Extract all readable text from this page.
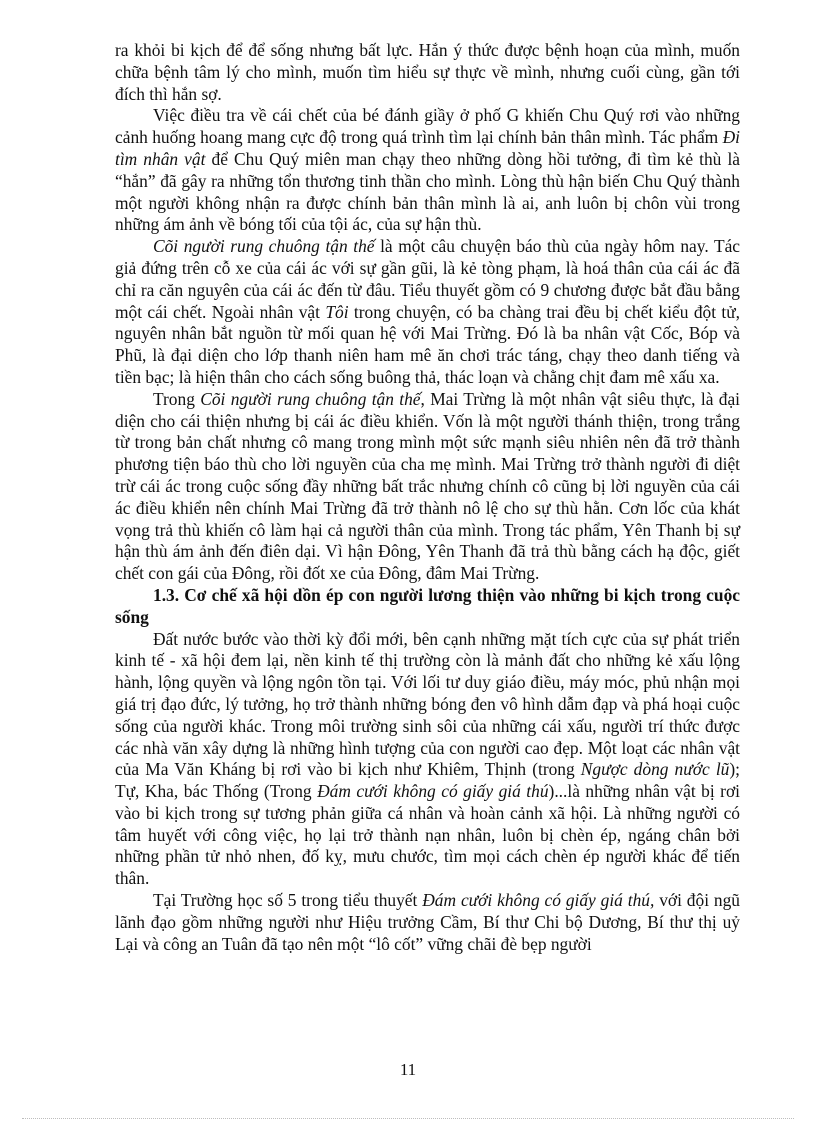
ra khỏi bi kịch để để sống nhưng bất lực. Hắn ý thức được bệnh hoạn của mình, muốn chữa bệnh tâm lý cho mình, muốn tìm hiểu sự thực về mình, nhưng cuối cùng, gần tới đích thì hắn sợ.

Việc điều tra về cái chết của bé đánh giầy ở phố G khiến Chu Quý rơi vào những cảnh huống hoang mang cực độ trong quá trình tìm lại chính bản thân mình. Tác phẩm Đi tìm nhân vật để Chu Quý miên man chạy theo những dòng hồi tưởng, đi tìm kẻ thù là “hắn” đã gây ra những tổn thương tinh thần cho mình. Lòng thù hận biến Chu Quý thành một người không nhận ra được chính bản thân mình là ai, anh luôn bị chôn vùi trong những ám ảnh về bóng tối của tội ác, của sự hận thù.

Cõi người rung chuông tận thế là một câu chuyện báo thù của ngày hôm nay. Tác giả đứng trên cỗ xe của cái ác với sự gần gũi, là kẻ tòng phạm, là hoá thân của cái ác đã chỉ ra căn nguyên của cái ác đến từ đâu. Tiểu thuyết gồm có 9 chương được bắt đầu bằng một cái chết. Ngoài nhân vật Tôi trong chuyện, có ba chàng trai đều bị chết kiểu đột tử, nguyên nhân bắt nguồn từ mối quan hệ với Mai Trừng. Đó là ba nhân vật Cốc, Bóp và Phũ, là đại diện cho lớp thanh niên ham mê ăn chơi trác táng, chạy theo danh tiếng và tiền bạc; là hiện thân cho cách sống buông thả, thác loạn và chằng chịt đam mê xấu xa.

Trong Cõi người rung chuông tận thế, Mai Trừng là một nhân vật siêu thực, là đại diện cho cái thiện nhưng bị cái ác điều khiển. Vốn là một người thánh thiện, trong trắng từ trong bản chất nhưng cô mang trong mình một sức mạnh siêu nhiên nên đã trở thành phương tiện báo thù cho lời nguyền của cha mẹ mình. Mai Trừng trở thành người đi diệt trừ cái ác trong cuộc sống đầy những bất trắc nhưng chính cô cũng bị lời nguyền của cái ác điều khiển nên chính Mai Trừng đã trở thành nô lệ cho sự thù hằn. Cơn lốc của khát vọng trả thù khiến cô làm hại cả người thân của mình. Trong tác phẩm, Yên Thanh bị sự hận thù ám ảnh đến điên dại. Vì hận Đông, Yên Thanh đã trả thù bằng cách hạ độc, giết chết con gái của Đông, rồi đốt xe của Đông, đâm Mai Trừng.

1.3. Cơ chế xã hội dồn ép con người lương thiện vào những bi kịch trong cuộc sống

Đất nước bước vào thời kỳ đổi mới, bên cạnh những mặt tích cực của sự phát triển kinh tế - xã hội đem lại, nền kinh tế thị trường còn là mảnh đất cho những kẻ xấu lộng hành, lộng quyền và lộng ngôn tồn tại. Với lối tư duy giáo điều, máy móc, phủ nhận mọi giá trị đạo đức, lý tưởng, họ trở thành những bóng đen vô hình dẫm đạp và phá hoại cuộc sống của người khác. Trong môi trường sinh sôi của những cái xấu, người trí thức được các nhà văn xây dựng là những hình tượng của con người cao đẹp. Một loạt các nhân vật của Ma Văn Kháng bị rơi vào bi kịch như Khiêm, Thịnh (trong Ngược dòng nước lũ); Tự, Kha, bác Thống (Trong Đám cưới không có giấy giá thú)...là những nhân vật bị rơi vào bi kịch trong sự tương phản giữa cá nhân và hoàn cảnh xã hội. Là những người có tâm huyết với công việc, họ lại trở thành nạn nhân, luôn bị chèn ép, ngáng chân bởi những phần tử nhỏ nhen, đố kỵ, mưu chước, tìm mọi cách chèn ép người khác để tiến thân.

Tại Trường học số 5 trong tiểu thuyết Đám cưới không có giấy giá thú, với đội ngũ lãnh đạo gồm những người như Hiệu trưởng Cầm, Bí thư Chi bộ Dương, Bí thư thị uỷ Lại và công an Tuân đã tạo nên một “lô cốt” vững chãi đè bẹp người

11
